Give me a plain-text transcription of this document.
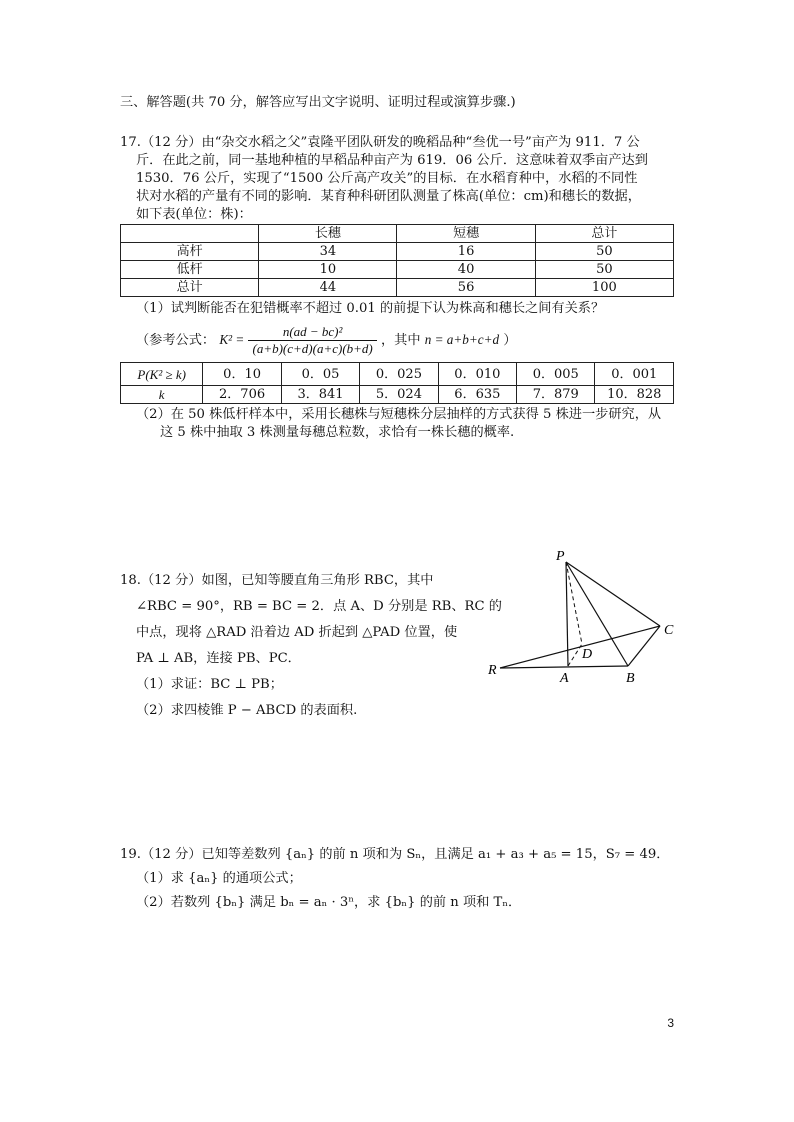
三、解答题(共 70 分，解答应写出文字说明、证明过程或演算步骤.)
17.（12 分）由“杂交水稻之父”袁隆平团队研发的晚稻品种“叁优一号”亩产为 911．7 公
斤．在此之前，同一基地种植的早稻品种亩产为 619．06 公斤．这意味着双季亩产达到
1530．76 公斤，实现了“1500 公斤高产攻关”的目标．在水稻育种中，水稻的不同性
状对水稻的产量有不同的影响．某育种科研团队测量了株高(单位：cm)和穗长的数据，
如下表(单位：株)：
	长穗	短穗	总计
高杆	34	16	50
低杆	10	40	50
总计	44	56	100
（1）试判断能否在犯错概率不超过 0.01 的前提下认为株高和穗长之间有关系？
（参考公式： $K^2 = \frac{\text{n(ad − bc)²}}{(a+b)(c+d)(a+c)(b+d)}$ ，其中 n = a+b+c+d ）
P(K² ≥ k)	0．10	0．05	0．025	0．010	0．005	0．001
k	2．706	3．841	5．024	6．635	7．879	10．828
（2）在 50 株低杆样本中，采用长穗株与短穗株分层抽样的方式获得 5 株进一步研究，从
这 5 株中抽取 3 株测量每穗总粒数，求恰有一株长穗的概率.
18.（12 分）如图，已知等腰直角三角形 RBC，其中
∠RBC = 90°，RB = BC = 2．点 A、D 分别是 RB、RC 的
中点，现将 △RAD 沿着边 AD 折起到 △PAD 位置，使
PA ⊥ AB，连接 PB、PC．
（1）求证：BC ⊥ PB；
（2）求四棱锥 P − ABCD 的表面积.
P
C
D
R
A	B
19.（12 分）已知等差数列 {aₙ} 的前 n 项和为 Sₙ，且满足 a₁ + a₃ + a₅ = 15，S₇ = 49．
（1）求 {aₙ} 的通项公式；
（2）若数列 {bₙ} 满足 bₙ = aₙ · 3ⁿ，求 {bₙ} 的前 n 项和 Tₙ．
3
